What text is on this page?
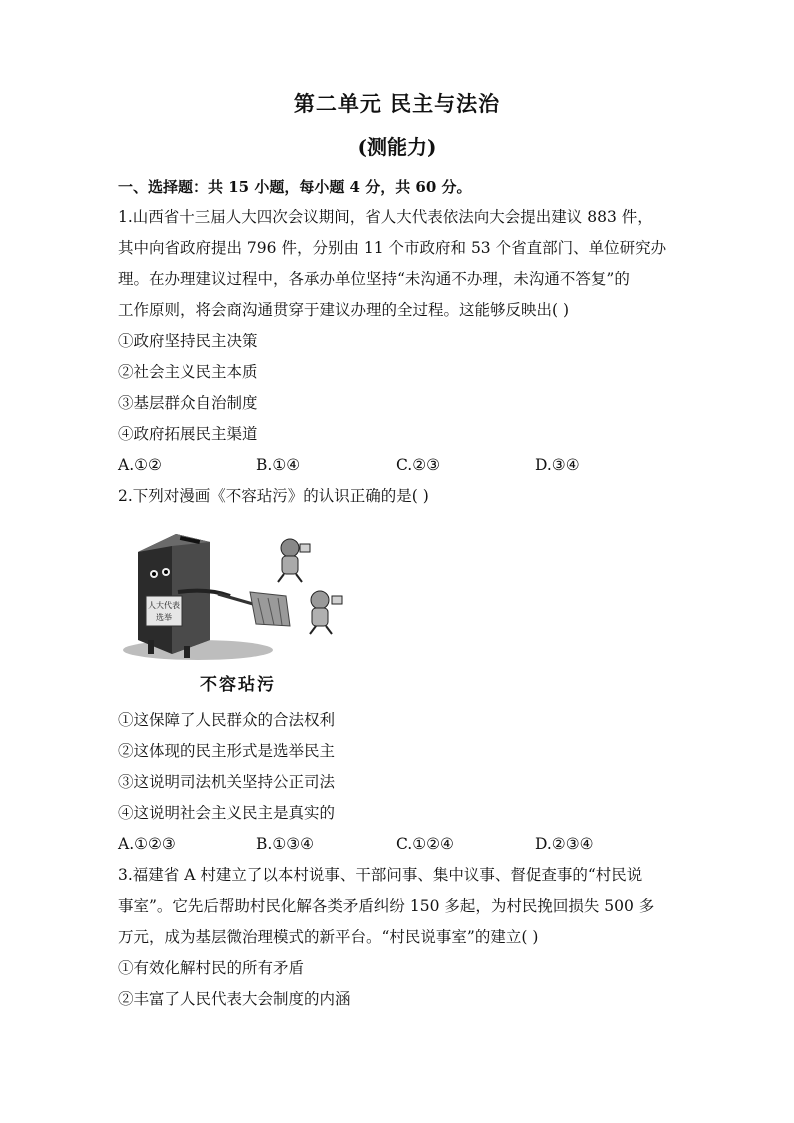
第二单元 民主与法治
(测能力)
一、选择题：共 15 小题，每小题 4 分，共 60 分。
1.山西省十三届人大四次会议期间，省人大代表依法向大会提出建议 883 件，
其中向省政府提出 796 件，分别由 11 个市政府和 53 个省直部门、单位研究办
理。在办理建议过程中，各承办单位坚持“未沟通不办理，未沟通不答复”的
工作原则，将会商沟通贯穿于建议办理的全过程。这能够反映出( )
①政府坚持民主决策
②社会主义民主本质
③基层群众自治制度
④政府拓展民主渠道
A.①②	B.①④	C.②③	D.③④
2.下列对漫画《不容玷污》的认识正确的是( )
人大代表
选举
不容玷污
①这保障了人民群众的合法权利
②这体现的民主形式是选举民主
③这说明司法机关坚持公正司法
④这说明社会主义民主是真实的
A.①②③	B.①③④	C.①②④	D.②③④
3.福建省 A 村建立了以本村说事、干部问事、集中议事、督促查事的“村民说
事室”。它先后帮助村民化解各类矛盾纠纷 150 多起，为村民挽回损失 500 多
万元，成为基层微治理模式的新平台。“村民说事室”的建立( )
①有效化解村民的所有矛盾
②丰富了人民代表大会制度的内涵
